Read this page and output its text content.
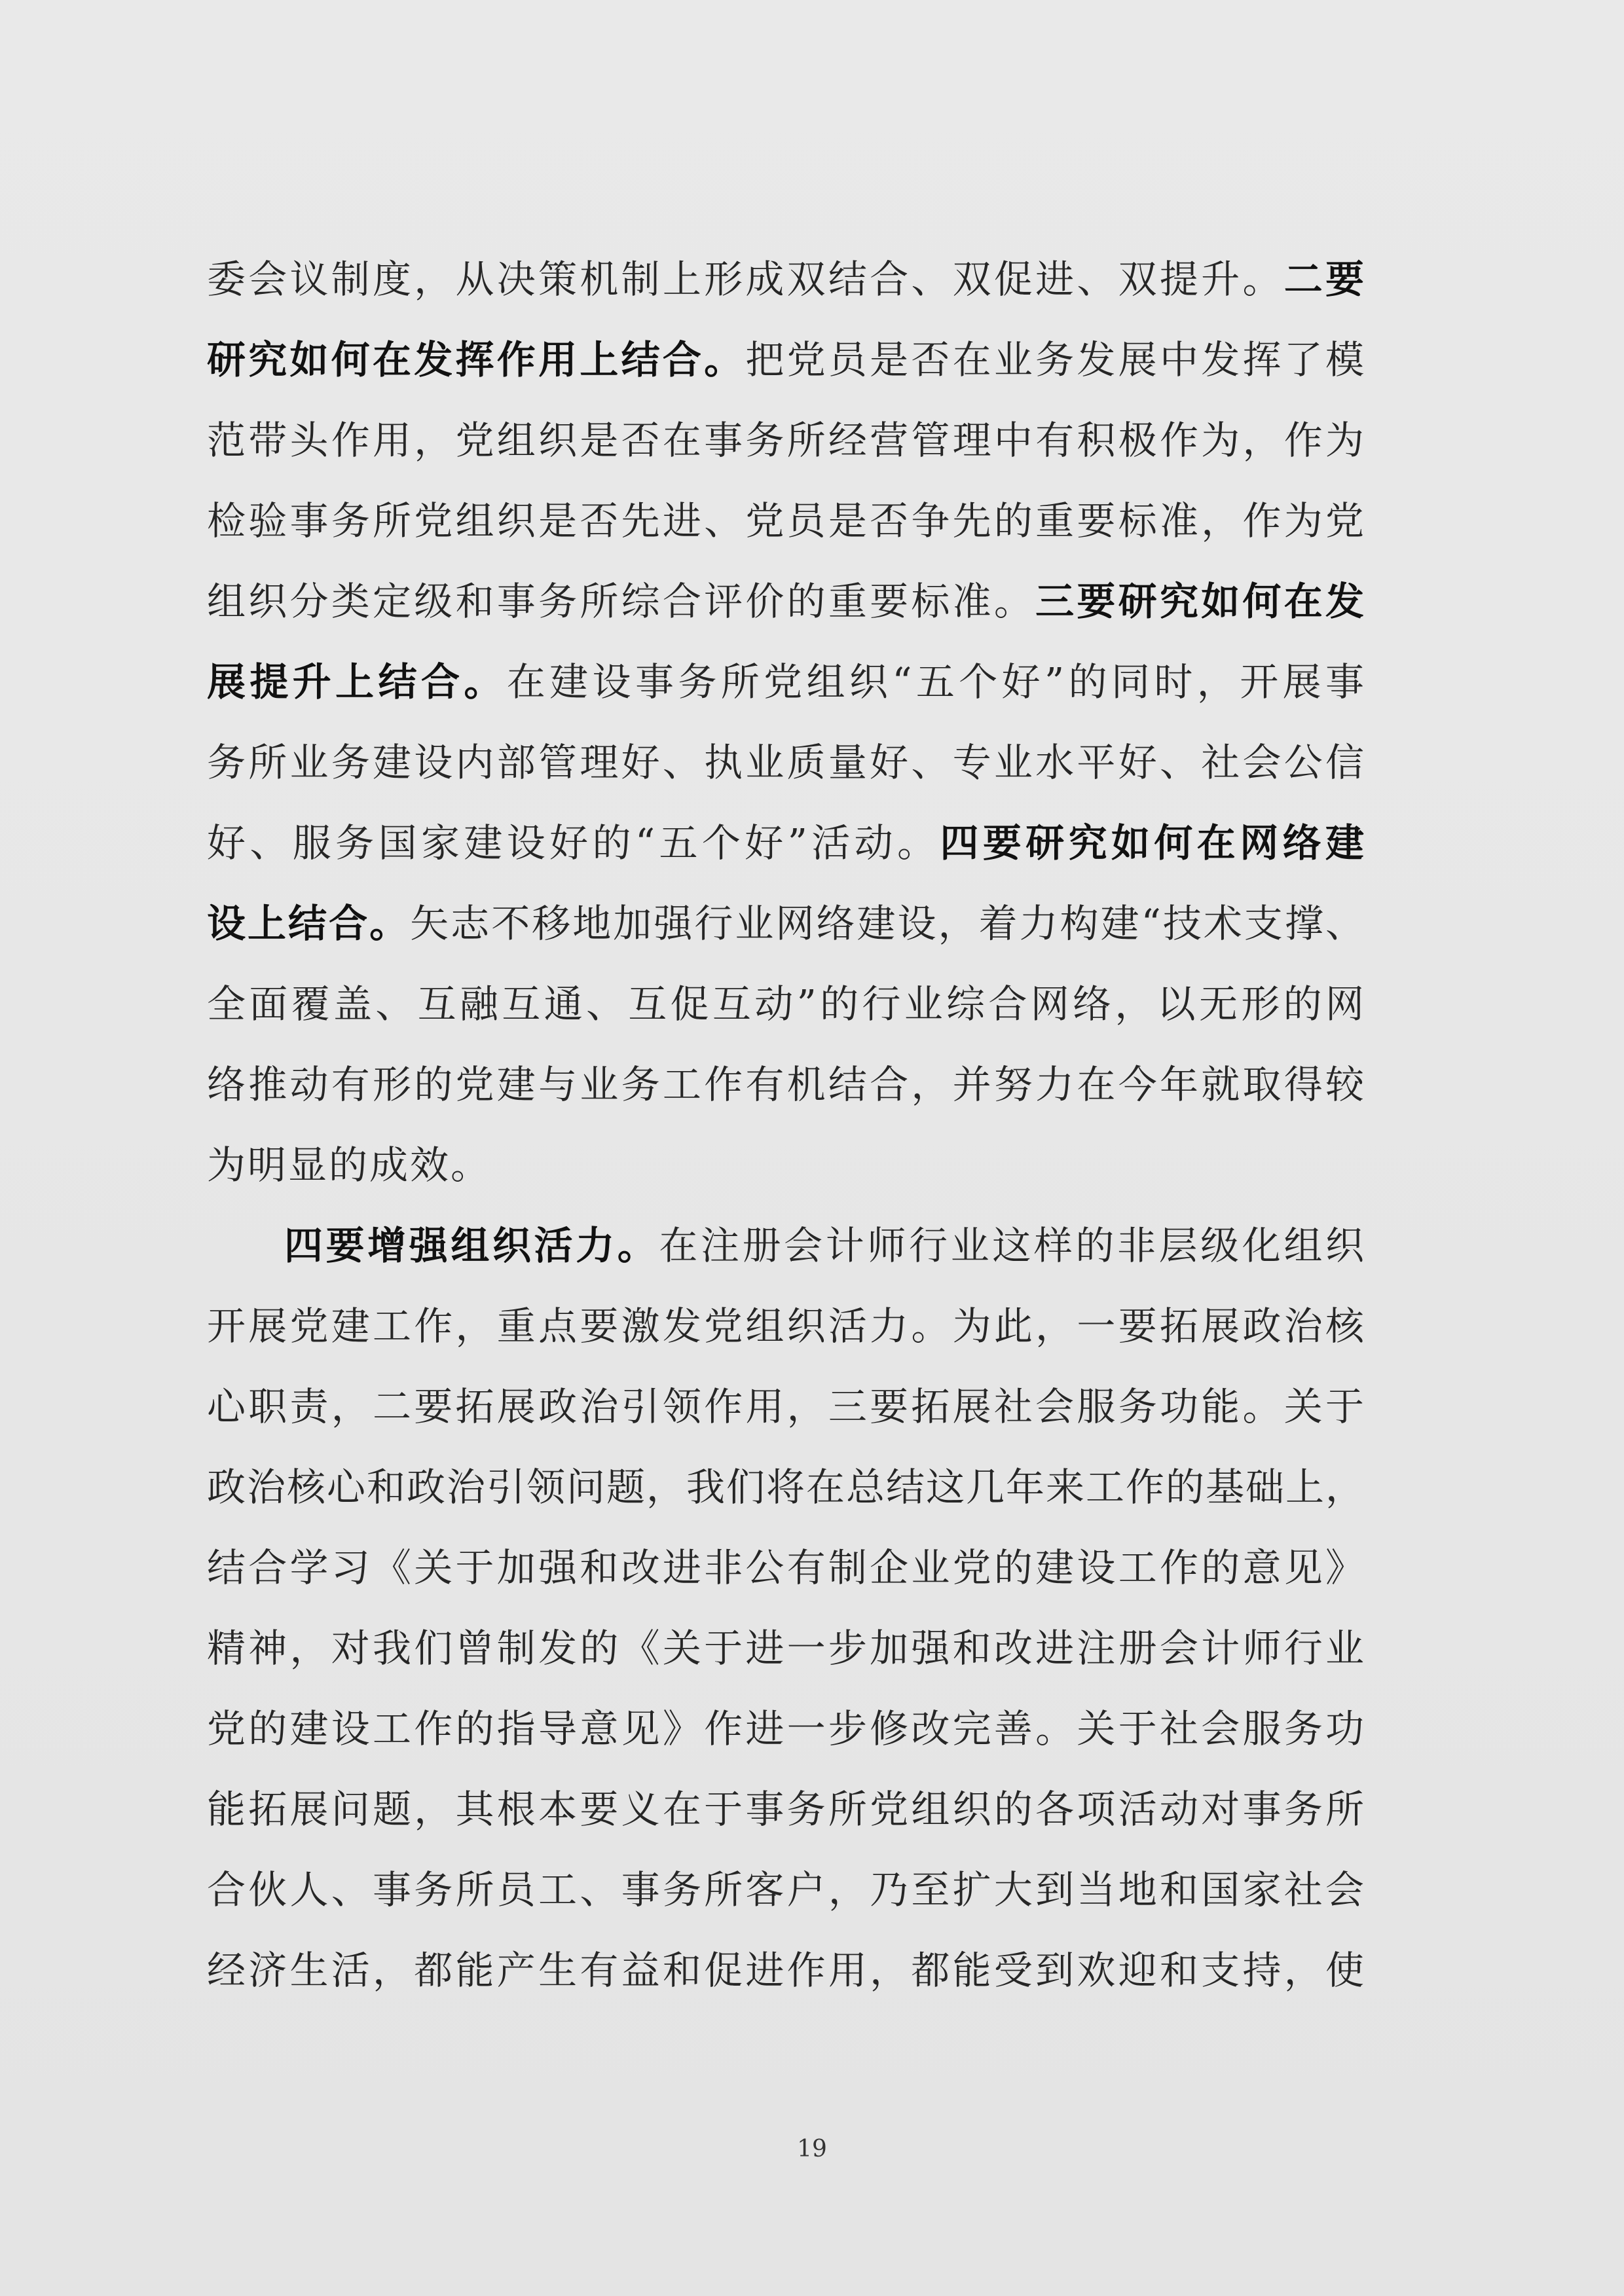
委会议制度，从决策机制上形成双结合、双促进、双提升。二要
研究如何在发挥作用上结合。把党员是否在业务发展中发挥了模
范带头作用，党组织是否在事务所经营管理中有积极作为，作为
检验事务所党组织是否先进、党员是否争先的重要标准，作为党
组织分类定级和事务所综合评价的重要标准。三要研究如何在发
展提升上结合。在建设事务所党组织“五个好”的同时，开展事
务所业务建设内部管理好、执业质量好、专业水平好、社会公信
好、服务国家建设好的“五个好”活动。四要研究如何在网络建
设上结合。矢志不移地加强行业网络建设，着力构建“技术支撑、
全面覆盖、互融互通、互促互动”的行业综合网络，以无形的网
络推动有形的党建与业务工作有机结合，并努力在今年就取得较
为明显的成效。
四要增强组织活力。在注册会计师行业这样的非层级化组织
开展党建工作，重点要激发党组织活力。为此，一要拓展政治核
心职责，二要拓展政治引领作用，三要拓展社会服务功能。关于
政治核心和政治引领问题，我们将在总结这几年来工作的基础上，
结合学习《关于加强和改进非公有制企业党的建设工作的意见》
精神，对我们曾制发的《关于进一步加强和改进注册会计师行业
党的建设工作的指导意见》作进一步修改完善。关于社会服务功
能拓展问题，其根本要义在于事务所党组织的各项活动对事务所
合伙人、事务所员工、事务所客户，乃至扩大到当地和国家社会
经济生活，都能产生有益和促进作用，都能受到欢迎和支持，使
19
